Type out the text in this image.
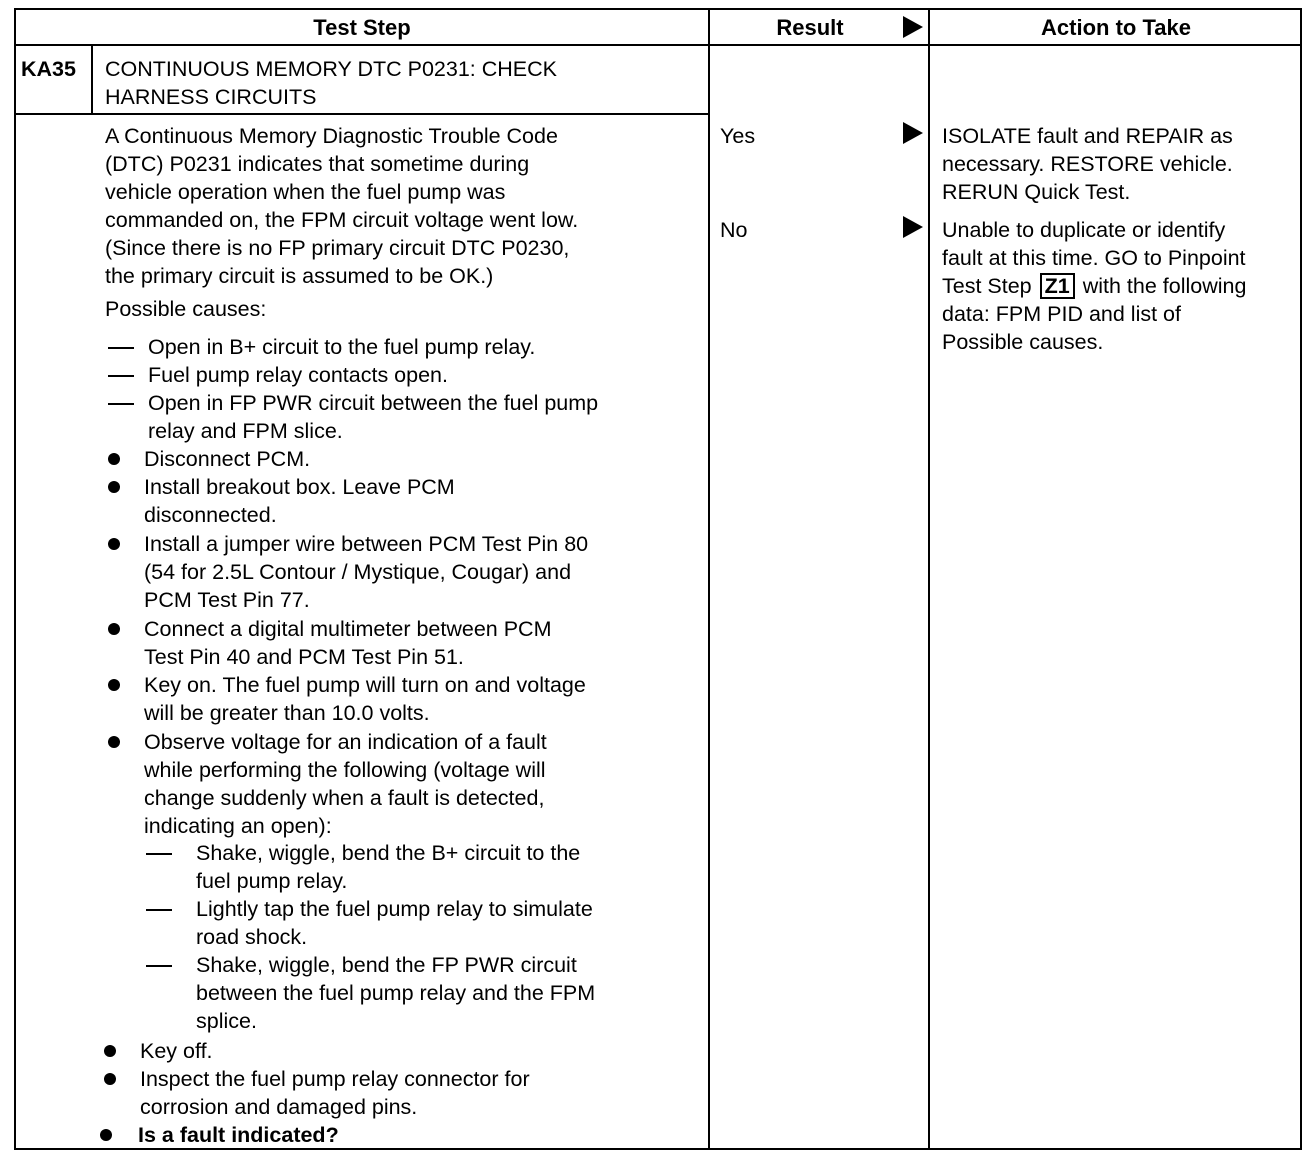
Test Step	Result	Action to Take
KA35 CONTINUOUS MEMORY DTC P0231: CHECK
HARNESS CIRCUITS
A Continuous Memory Diagnostic Trouble Code
(DTC) P0231 indicates that sometime during
vehicle operation when the fuel pump was
commanded on, the FPM circuit voltage went low.
(Since there is no FP primary circuit DTC P0230,
the primary circuit is assumed to be OK.)
Possible causes:
Open in B+ circuit to the fuel pump relay.
Fuel pump relay contacts open.
Open in FP PWR circuit between the fuel pump
relay and FPM slice.
Disconnect PCM.
Install breakout box. Leave PCM
disconnected.
Install a jumper wire between PCM Test Pin 80
(54 for 2.5L Contour / Mystique, Cougar) and
PCM Test Pin 77.
Connect a digital multimeter between PCM
Test Pin 40 and PCM Test Pin 51.
Key on. The fuel pump will turn on and voltage
will be greater than 10.0 volts.
Observe voltage for an indication of a fault
while performing the following (voltage will
change suddenly when a fault is detected,
indicating an open):
Shake, wiggle, bend the B+ circuit to the
fuel pump relay.
Lightly tap the fuel pump relay to simulate
road shock.
Shake, wiggle, bend the FP PWR circuit
between the fuel pump relay and the FPM
splice.
Key off.
Inspect the fuel pump relay connector for
corrosion and damaged pins.
Is a fault indicated?
Yes
No
ISOLATE fault and REPAIR as
necessary. RESTORE vehicle.
RERUN Quick Test.
Unable to duplicate or identify
fault at this time. GO to Pinpoint
Test Step Z1 with the following
data: FPM PID and list of
Possible causes.
